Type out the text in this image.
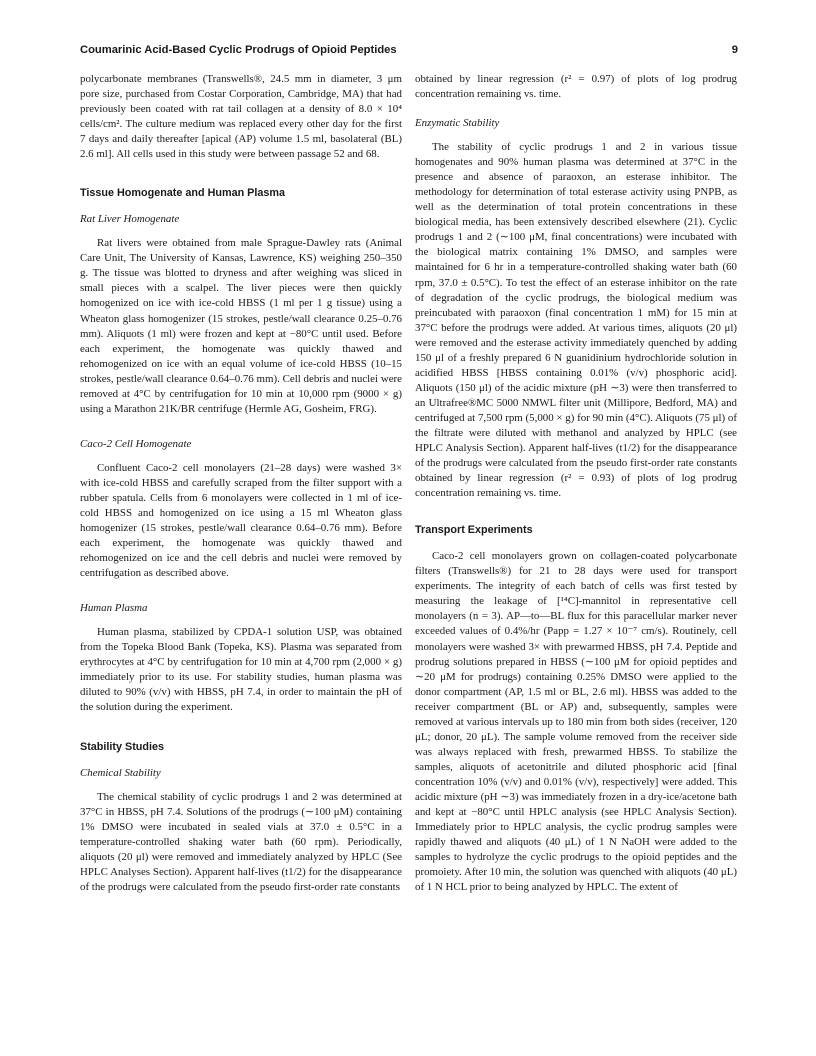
Coumarinic Acid-Based Cyclic Prodrugs of Opioid Peptides	9

polycarbonate membranes (Transwells®, 24.5 mm in diameter, 3 μm pore size, purchased from Costar Corporation, Cambridge, MA) that had previously been coated with rat tail collagen at a density of 8.0 × 10⁴ cells/cm². The culture medium was replaced every other day for the first 7 days and daily thereafter [apical (AP) volume 1.5 ml, basolateral (BL) 2.6 ml]. All cells used in this study were between passage 52 and 68.

Tissue Homogenate and Human Plasma
Rat Liver Homogenate

Rat livers were obtained from male Sprague-Dawley rats (Animal Care Unit, The University of Kansas, Lawrence, KS) weighing 250–350 g. The tissue was blotted to dryness and after weighing was sliced in small pieces with a scalpel. The liver pieces were then quickly homogenized on ice with ice-cold HBSS (1 ml per 1 g tissue) using a Wheaton glass homogenizer (15 strokes, pestle/wall clearance 0.25–0.76 mm). Aliquots (1 ml) were frozen and kept at −80°C until used. Before each experiment, the homogenate was quickly thawed and rehomogenized on ice with an equal volume of ice-cold HBSS (10–15 strokes, pestle/wall clearance 0.64–0.76 mm). Cell debris and nuclei were removed at 4°C by centrifugation for 10 min at 10,000 rpm (9000 × g) using a Marathon 21K/BR centrifuge (Hermle AG, Gosheim, FRG).

Caco-2 Cell Homogenate

Confluent Caco-2 cell monolayers (21–28 days) were washed 3× with ice-cold HBSS and carefully scraped from the filter support with a rubber spatula. Cells from 6 monolayers were collected in 1 ml of ice-cold HBSS and homogenized on ice using a 15 ml Wheaton glass homogenizer (15 strokes, pestle/wall clearance 0.64–0.76 mm). Before each experiment, the homogenate was quickly thawed and rehomogenized on ice and the cell debris and nuclei were removed by centrifugation as described above.

Human Plasma

Human plasma, stabilized by CPDA-1 solution USP, was obtained from the Topeka Blood Bank (Topeka, KS). Plasma was separated from erythrocytes at 4°C by centrifugation for 10 min at 4,700 rpm (2,000 × g) immediately prior to its use. For stability studies, human plasma was diluted to 90% (v/v) with HBSS, pH 7.4, in order to maintain the pH of the solution during the experiment.

Stability Studies
Chemical Stability

The chemical stability of cyclic prodrugs 1 and 2 was determined at 37°C in HBSS, pH 7.4. Solutions of the prodrugs (∼100 μM) containing 1% DMSO were incubated in sealed vials at 37.0 ± 0.5°C in a temperature-controlled shaking water bath (60 rpm). Periodically, aliquots (20 μl) were removed and immediately analyzed by HPLC (See HPLC Analyses Section). Apparent half-lives (t1/2) for the disappearance of the prodrugs were calculated from the pseudo first-order rate constants

obtained by linear regression (r² = 0.97) of plots of log prodrug concentration remaining vs. time.

Enzymatic Stability

The stability of cyclic prodrugs 1 and 2 in various tissue homogenates and 90% human plasma was determined at 37°C in the presence and absence of paraoxon, an esterase inhibitor. The methodology for determination of total esterase activity using PNPB, as well as the determination of total protein concentrations in these biological media, has been extensively described elsewhere (21). Cyclic prodrugs 1 and 2 (∼100 μM, final concentrations) were incubated with the biological matrix containing 1% DMSO, and samples were maintained for 6 hr in a temperature-controlled shaking water bath (60 rpm, 37.0 ± 0.5°C). To test the effect of an esterase inhibitor on the rate of degradation of the cyclic prodrugs, the biological medium was preincubated with paraoxon (final concentration 1 mM) for 15 min at 37°C before the prodrugs were added. At various times, aliquots (20 μl) were removed and the esterase activity immediately quenched by adding 150 μl of a freshly prepared 6 N guanidinium hydrochloride solution in acidified HBSS [HBSS containing 0.01% (v/v) phosphoric acid]. Aliquots (150 μl) of the acidic mixture (pH ∼3) were then transferred to an Ultrafree®MC 5000 NMWL filter unit (Millipore, Bedford, MA) and centrifuged at 7,500 rpm (5,000 × g) for 90 min (4°C). Aliquots (75 μl) of the filtrate were diluted with methanol and analyzed by HPLC (see HPLC Analysis Section). Apparent half-lives (t1/2) for the disappearance of the prodrugs were calculated from the pseudo first-order rate constants obtained by linear regression (r² = 0.93) of plots of log prodrug concentration remaining vs. time.

Transport Experiments

Caco-2 cell monolayers grown on collagen-coated polycarbonate filters (Transwells®) for 21 to 28 days were used for transport experiments. The integrity of each batch of cells was first tested by measuring the leakage of [¹⁴C]-mannitol in representative cell monolayers (n = 3). AP—to—BL flux for this paracellular marker never exceeded values of 0.4%/hr (Papp = 1.27 × 10⁻⁷ cm/s). Routinely, cell monolayers were washed 3× with prewarmed HBSS, pH 7.4. Peptide and prodrug solutions prepared in HBSS (∼100 μM for opioid peptides and ∼20 μM for prodrugs) containing 0.25% DMSO were applied to the donor compartment (AP, 1.5 ml or BL, 2.6 ml). HBSS was added to the receiver compartment (BL or AP) and, subsequently, samples were removed at various intervals up to 180 min from both sides (receiver, 120 μL; donor, 20 μL). The sample volume removed from the receiver side was always replaced with fresh, prewarmed HBSS. To stabilize the samples, aliquots of acetonitrile and diluted phosphoric acid [final concentration 10% (v/v) and 0.01% (v/v), respectively] were added. This acidic mixture (pH ∼3) was immediately frozen in a dry-ice/acetone bath and kept at −80°C until HPLC analysis (see HPLC Analysis Section). Immediately prior to HPLC analysis, the cyclic prodrug samples were rapidly thawed and aliquots (40 μL) of 1 N NaOH were added to the samples to hydrolyze the cyclic prodrugs to the opioid peptides and the promoiety. After 10 min, the solution was quenched with aliquots (40 μL) of 1 N HCL prior to being analyzed by HPLC. The extent of
